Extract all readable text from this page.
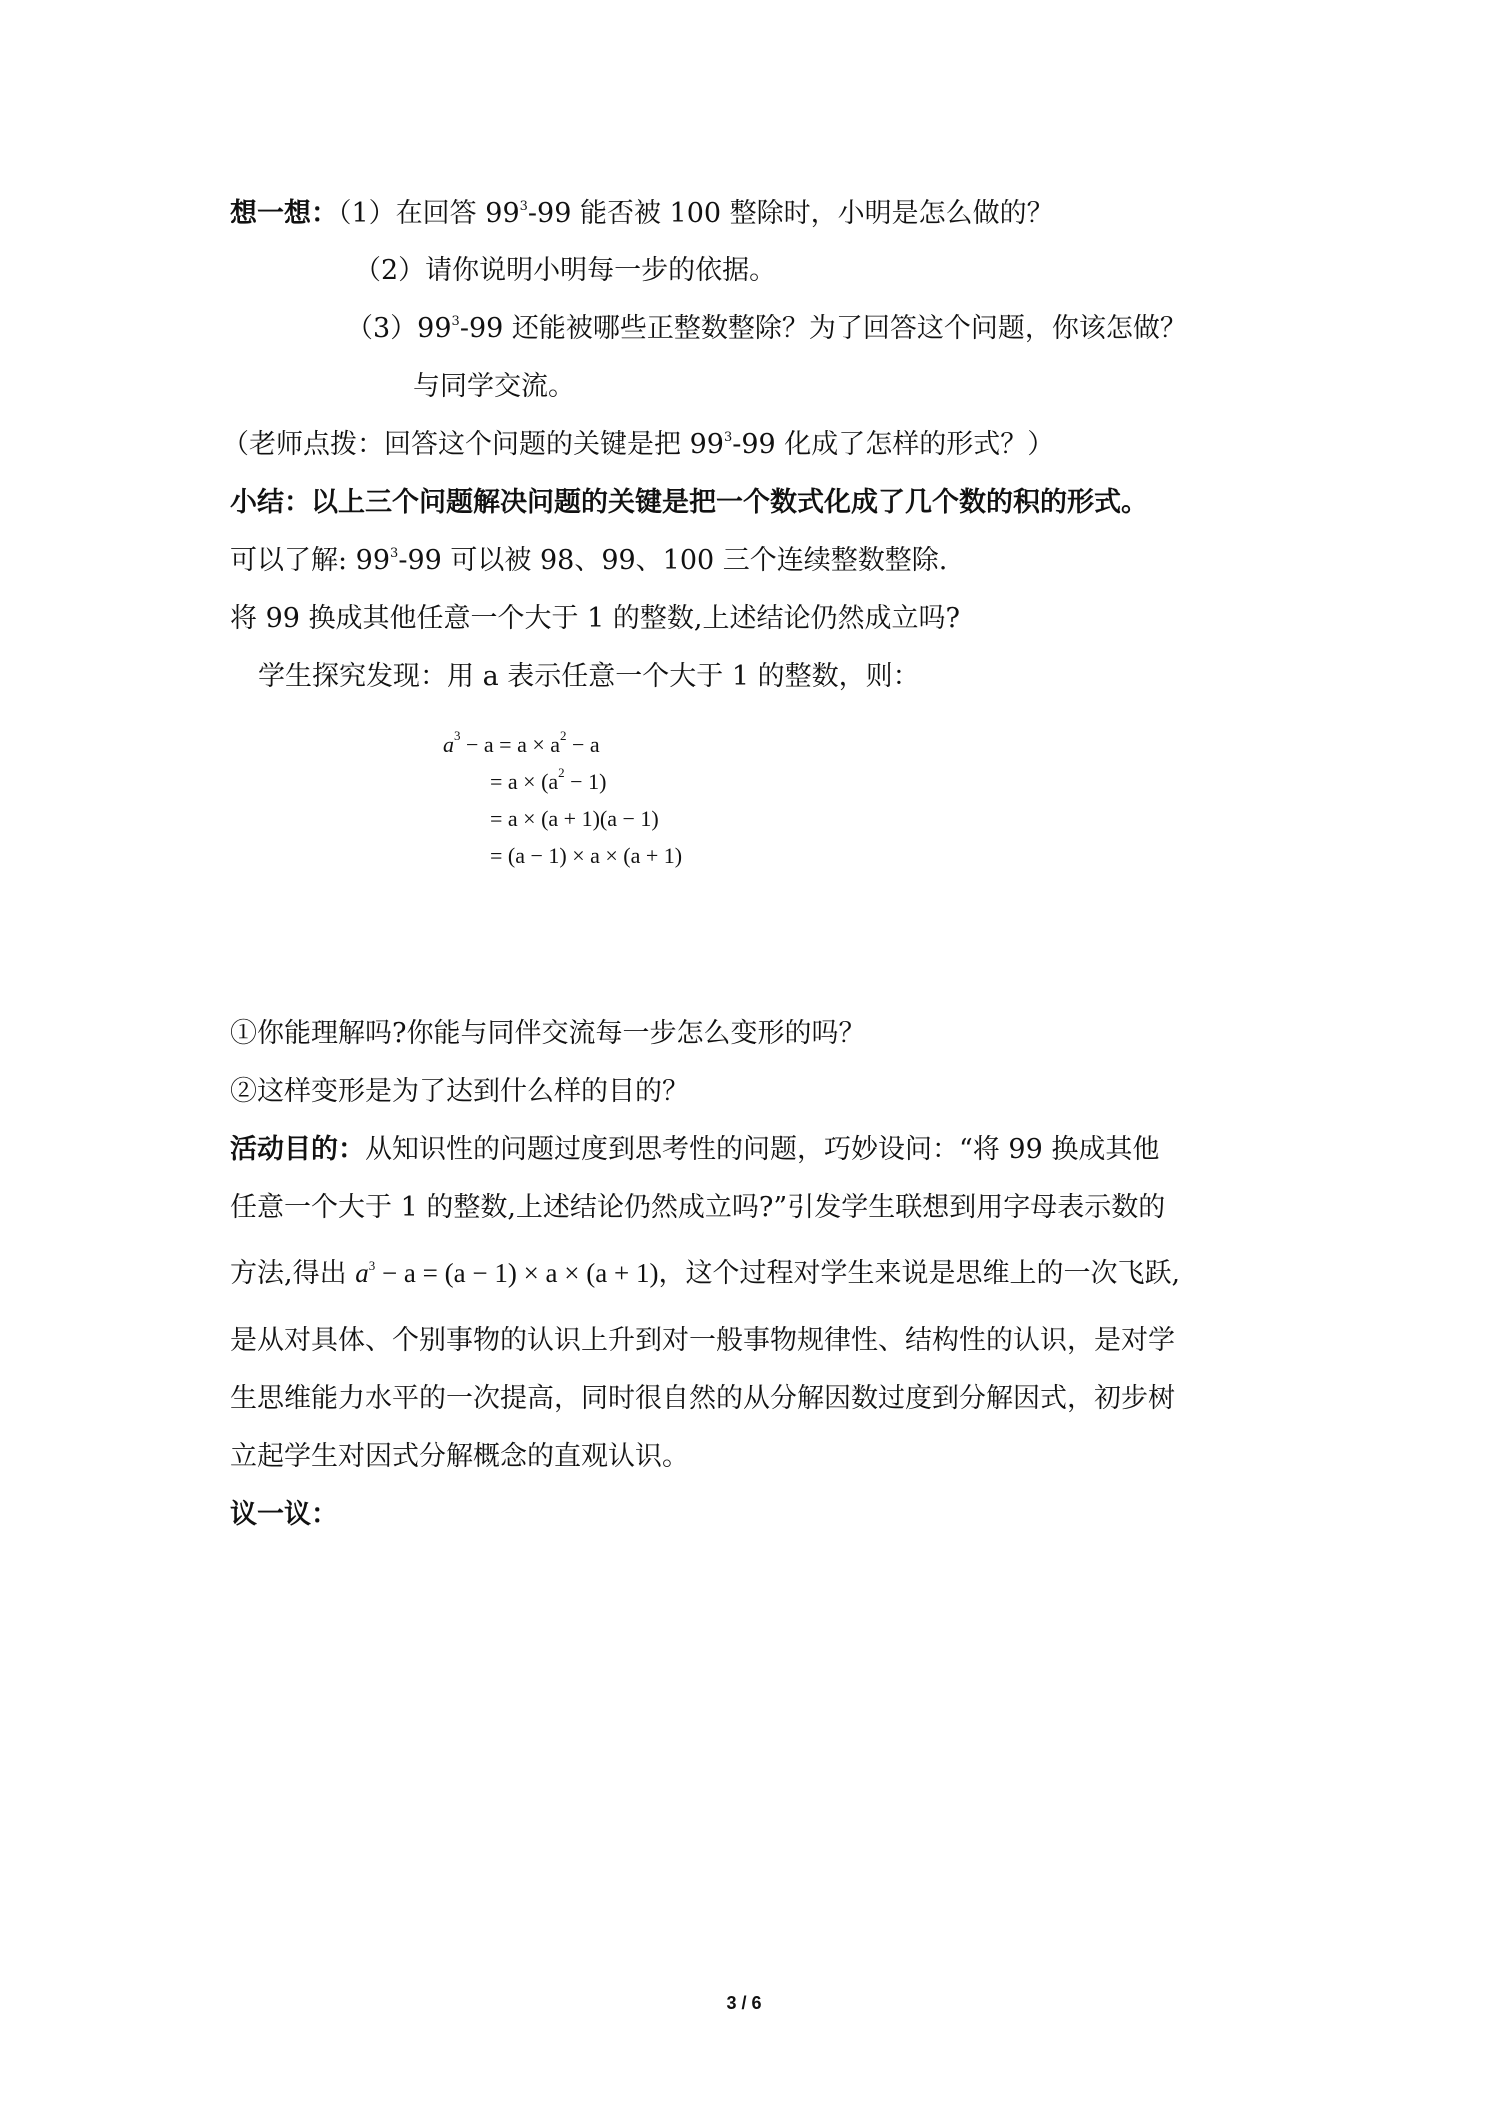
想一想：（1）在回答 $99^3-99$ 能否被 100 整除时，小明是怎么做的？
（2）请你说明小明每一步的依据。
$(3)99^3-99$ 还能被哪些正整数整除？为了回答这个问题，你该怎做？
与同学交流。
（老师点拨：回答这个问题的关键是把 $99^3-99$ 化成了怎样的形式？）
小结：以上三个问题解决问题的关键是把一个数式化成了几个数的积的形式。
可以了解: $99^3-99$ 可以被 98、99、100 三个连续整数整除.
将 99 换成其他任意一个大于 1 的整数,上述结论仍然成立吗?
学生探究发现：用 a 表示任意一个大于 1 的整数，则：
$a^3 - a = a \times a^2 - a$
= $a \times (a^2 - 1)$
= a × (a + 1)(a − 1)
= (a − 1) × a × (a + 1)
①你能理解吗?你能与同伴交流每一步怎么变形的吗？
②这样变形是为了达到什么样的目的？
活动目的：从知识性的问题过度到思考性的问题，巧妙设问：“将 99 换成其他
任意一个大于 1 的整数,上述结论仍然成立吗?”引发学生联想到用字母表示数的
方法,得出 $a^3 - a = (a - 1) \times a \times (a + 1)$，这个过程对学生来说是思维上的一次飞跃,
是从对具体、个别事物的认识上升到对一般事物规律性、结构性的认识，是对学
生思维能力水平的一次提高，同时很自然的从分解因数过度到分解因式，初步树
立起学生对因式分解概念的直观认识。
议一议：
3 / 6
